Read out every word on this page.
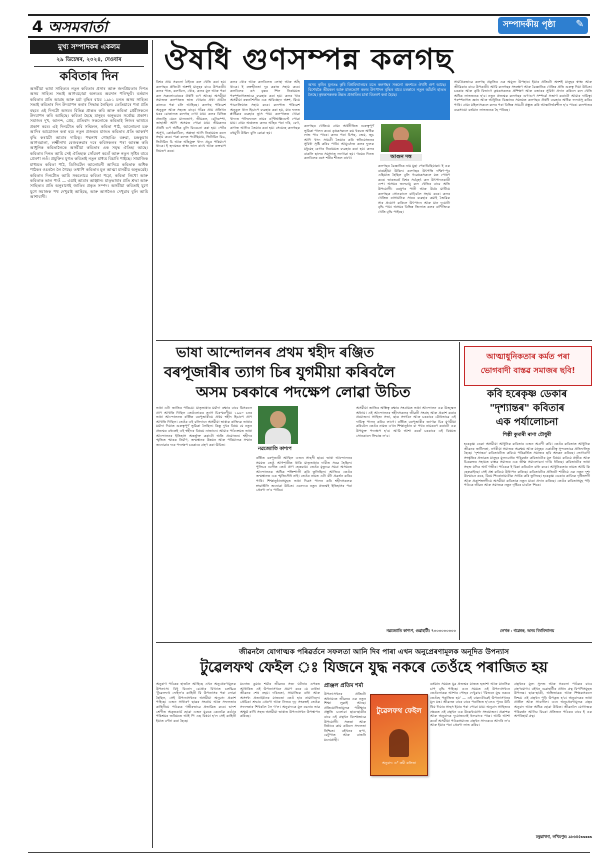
4 অসমবাৰ্তা	সম্পাদকীয় পৃষ্ঠা ✎
মুখ্য সম্পাদকৰ একলম
২৯ ডিচেম্বৰ, ২০২৪, দেওবাৰ
কবিতাৰ দিন
অসমীয়া ভাষা সাহিত্যৰ নতুন কবিতাৰ প্ৰসাৰ আৰু জনপ্ৰিয়তাৰ দিশত অসম সাহিত্য সভাই আগবঢ়োৱা অন্যতম অৱদান পৰিস্ফুট। বৰ্তমান কবিতাৰ প্ৰতি আগ্ৰহ আৰু চৰ্চা বৃদ্ধিৰ বাবে ১৯৮১ চনত অসম সাহিত্য সভাই কবিতাৰ দিন উদযাপন কৰাৰ সিদ্ধান্ত লৈছিল। তেতিয়াৰে পৰা প্ৰতি বছৰে এই দিনটো অসমৰ বিভিন্ন প্ৰান্তত কবি আৰু কবিতা প্ৰেমীসকলে উদযাপন কৰি আহিছে। কবিতা হৈছে মানুহৰ অনুভৱৰ সৰ্বোচ্চ প্ৰকাশ। সমাজৰ দুখ, আনন্দ, প্ৰেম, প্ৰতিবাদ সকলোকে কবিতাই নিজৰ ভাষাৰে প্ৰকাশ কৰে। এই দিনটোত কবি সন্মিলন, কবিতা পাঠ, আলোচনা চক্ৰ আদিৰ আয়োজন কৰা হয়। নতুন প্ৰজন্মৰ মাজত কবিতাৰ প্ৰতি আকৰ্ষণ বৃদ্ধি কৰাটো আমাৰ দায়িত্ব। পদ্মনাথ গোহাঞি বৰুৱা, চন্দ্ৰকুমাৰ আগৰৱালা, লক্ষ্মীনাথ বেজবৰুৱাৰ দৰে কবিসকলৰ পৰা আৰম্ভ কৰি আধুনিক কবিতালৈকে অসমীয়া কবিতাৰ এক সমৃদ্ধ ঐতিহ্য আছে। কবিতাৰ দিনত আমি সেই ঐতিহ্যক সোঁৱৰণ কৰোঁ আৰু নতুন সৃষ্টিৰ বাবে প্ৰেৰণা লওঁ। প্ৰযুক্তিৰ যুগত কবিতাই নতুন মাধ্যম বিচাৰি পাইছে। সামাজিক মাধ্যমত কবিতা পাঠ, ডিজিটেল আলোচনী আদিয়ে কবিতাক অধিক পাঠকৰ ওচৰলৈ লৈ গৈছে। তথাপি কবিতাৰ মূল আত্মা মানৱীয় অনুভৱেই। কবিতাৰ দিনটোত আমি সকলোৱে কবিতা পঢ়ো, কবিতা লিখো আৰু কবিতাক ভাল পাওঁ — এয়াই আমাৰ আহ্বান। মাতৃভাষাৰ প্ৰতি শ্ৰদ্ধা আৰু সাহিত্যৰ প্ৰতি অনুৰাগেই জাতিৰ প্ৰকৃত সম্পদ। অসমীয়া কবিতাই যুগে যুগে সমাজক পথ দেখুৱাই আহিছে, আৰু আগলৈও দেখুৱাব বুলি আমি আশাবাদী।
ঔষধি গুণসম্পন্ন কলগছ
বিশ্বৰ প্ৰায় সকলো ঠাইতে কল খেতি কৰা হয়। কলগছৰ প্ৰতিটো অংশই মানুহৰ বাবে উপকাৰী। কলৰ পাত, কলডিল, থোৰ, কলৰ মূল আৰু পকা কল সকলোবোৰৰে ঔষধি গুণ আছে। অসমীয়া সমাজত কলপাতত ভাত খোৱাৰ প্ৰথা প্ৰাচীন কালৰে পৰা চলি আহিছে। কলগছ পৰিৱেশ অনুকূল আৰু সহজে বাঢ়ে। গাঁৱৰ প্ৰায় প্ৰতিখন ঘৰৰ চোতালত কলগছ দেখা যায়। কলৰ বিভিন্ন প্ৰজাতি যেনে মালভোগ, ভীমকল, চেনিচম্পা, জাহাজী আদি অসমত পোৱা যায়। ভীমকলৰ ঔষধি গুণ অধিক বুলি বিবেচনা কৰা হয়। পেটৰ অসুখ, কোষ্ঠকাঠিন্য, অম্লতা আদি নিৰাময়ত কলে সহায় কৰে। পকা কলত পটেছিয়াম, ভিটামিন বি৬, ভিটামিন চি আৰু আঁহযুক্ত খাদ্য প্ৰচুৰ পৰিমাণে থাকে। ই হৃদযন্ত্ৰৰ স্বাস্থ্য ভাল ৰাখে আৰু ৰক্তচাপ নিয়ন্ত্ৰণ কৰে।
কলৰ থোৰ আৰু কলডিলত লোহা আৰু আঁহ থাকে। ই ৰক্তহীনতা দূৰ কৰাত সহায় কৰে। কলডিলৰ ৰস বৃক্কৰ শিল নিৰাময়ত পৰম্পৰাগতভাৱে ব্যৱহাৰ কৰা হয়। কলৰ খাৰ অসমীয়া ৰন্ধনশৈলীৰ এক অবিচ্ছেদ্য অংশ, যিয়ে পাচনক্ৰিয়াত সহায় কৰে। কলপাত পৰিৱেশ অনুকূল থাল হিচাপে ব্যৱহাৰ কৰা হয়, যাৰ ফলত প্লাষ্টিকৰ ব্যৱহাৰ হ্ৰাস পায়। কলপাতত খোৱা খাদ্যত পলিফেনল নামৰ এণ্টিঅক্সিডেণ্ট পোৱা যায়। গ্ৰাম্য অঞ্চলত কলৰ আঁহৰ পৰা দৰি, বেগ, কাগজ আদিও তৈয়াৰ কৰা হয়। সেয়েহে কলগছক বহুমুখী উদ্ভিদ বুলি কোৱা হয়।
অসম কৃষিৰ মূলতঃ কৃষি বিশ্ববিদ্যালয়ৰ মতে কলগছৰ সকলো অংশতে ঔষধি গুণ আছে। বিশেষকৈ ভীমকল আৰু মালভোগ কলৰ উৎপাদন বৃদ্ধিৰ বাবে চৰকাৰে নতুন আঁচনি হাতত লৈছে। কৃষকসকলক উন্নত প্ৰজাতিৰ চাৰা বিতৰণ কৰা হৈছে।
কলগছৰ খেতিয়ে গ্ৰাম্য অৰ্থনীতিত গুৰুত্বপূৰ্ণ ভূমিকা পালন কৰে। কৃষকসকলে কম খৰচত অধিক লাভ পাব পাৰে। কলৰ পৰা চিপছ, জেম, জুচ আদি খাদ্য সামগ্ৰী তৈয়াৰ কৰি স্বনিয়োজনৰ সুবিধা সৃষ্টি কৰিব পাৰি। আয়ুৰ্বেদত কলৰ ফুলক মধুমেহ ৰোগৰ নিৰাময়ত ব্যৱহাৰ কৰা হয়। কলৰ বাকলি ছালৰ সমস্যাত লগোৱা হয়। গৰমৰ দিনত কলডিলৰ ৰসে শৰীৰ শীতল ৰাখে।	আগুন দত্ত
কলগছৰ বৈজ্ঞানিক নাম মুছা পেৰাডিছিয়াকা। ই এক বাৰমহীয়া উদ্ভিদ। কলগছৰ উৎপত্তি দক্ষিণ-পূব এছিয়াত হৈছিল বুলি গৱেষকসকলে মত পোষণ কৰে। ভাৰতবৰ্ষ বিশ্বৰ সৰ্ববৃহৎ কল উৎপাদনকাৰী দেশ। অসমৰ জলবায়ু কল খেতিৰ বাবে অতি উপযোগী। বৰষুণৰ পানী আৰু উৰ্বৰ মাটিয়ে কলগছক সোনকালে বাঢ়িবলৈ সহায় কৰে। কলৰ খেতিত ৰাসায়নিক সাৰৰ ব্যৱহাৰ কমাই জৈৱিক সাৰ প্ৰয়োগ কৰিলে উৎপাদন আৰু মান দুয়োটা বৃদ্ধি পায়। অসমৰ বিভিন্ন জিলাত কলৰ বাণিজ্যিক খেতি বৃদ্ধি পাইছে।
সামগ্ৰিকভাৱে কলগছ প্ৰকৃতিৰ এক অমূল্য উপহাৰ। ইয়াৰ প্ৰতিটো অংশই মানুহৰ স্বাস্থ্য আৰু জীৱিকাৰ বাবে উপকাৰী। আমি কলগছৰ সংৰক্ষণ আৰু বৈজ্ঞানিক খেতিৰ প্ৰতি গুৰুত্ব দিয়া উচিত। চৰকাৰ আৰু কৃষি বিভাগে কৃষকসকলক প্ৰশিক্ষণ আৰু বজাৰৰ সুবিধা প্ৰদান কৰিলে কল খেতি অধিক লাভজনক হ'ব। নতুন প্ৰজন্মক কলগছৰ গুণাগুণ সম্পৰ্কে সজাগ কৰাটো আমাৰ দায়িত্ব। পৰম্পৰাগত জ্ঞান আৰু আধুনিক বিজ্ঞানৰ সমন্বয়ত কলগছৰ ঔষধি ব্যৱহাৰ অধিক ফলপ্ৰসূ কৰিব পাৰি। গ্ৰাম্য মহিলাসকলে কলৰ পৰা বিভিন্ন সামগ্ৰী প্ৰস্তুত কৰি আত্মনিৰ্ভৰশীল হ'ব পাৰে। কলপাতৰ ব্যৱসায়ো বৰ্তমান লাভজনক হৈ পৰিছে।
ভাষা আন্দোলনৰ প্ৰথম শ্বহীদ ৰঞ্জিত
বৰপূজাৰীৰ ত্যাগ চিৰ যুগমীয়া কৰিবলৈ
অসম চৰকাৰে পদক্ষেপ লোৱা উচিত
ভাষা এটা জাতিৰ পৰিচয়। মাতৃভাষাৰ মৰ্যাদা ৰক্ষাৰ বাবে যিসকলে প্ৰাণ আহুতি দিছিল তেওঁলোকৰ ত্যাগ চিৰস্মৰণীয়। ১৯৬০ চনৰ ভাষা আন্দোলনত ৰঞ্জিত বৰপূজাৰীয়ে প্ৰথম শ্বহীদ হিচাপে প্ৰাণ আহুতি দিছিল। তেওঁৰ এই বলিদানে অসমীয়া ভাষাক ৰাজ্যিক ভাষাৰ মৰ্যাদা দিয়াত গুৰুত্বপূৰ্ণ ভূমিকা লৈছিল। কিন্তু দুখৰ বিষয় যে নতুন প্ৰজন্মৰ বহুতেই এই শ্বহীদৰ বিষয়ে নাজানে। আমাৰ পাঠ্যক্ৰমত ভাষা আন্দোলনৰ ইতিহাস অন্তৰ্ভুক্ত কৰাটো অতি প্ৰয়োজন। শ্বহীদৰ স্মৃতিত স্মাৰক নিৰ্মাণ, জন্মস্থানৰ উন্নয়ন আৰু পৰিয়ালক সন্মান জনোৱাৰ দৰে পদক্ষেপ চৰকাৰে গ্ৰহণ কৰা উচিত।
নৱজ্যোতি কাশ্যপ
ৰঞ্জিত বৰপূজাৰী আছিল এজন সাহসী ছাত্ৰ। ভাষা আন্দোলনৰ সময়ত তেওঁ আগশাৰীত থাকি মাতৃভাষাৰ দাবীত সৰৱ হৈছিল। পুলিচৰ গুলীত তেওঁ প্ৰাণ হেৰুৱায়। তেওঁৰ মৃত্যুৱে সমগ্ৰ অসমতে আন্দোলনক অধিক শক্তিশালী কৰি তুলিছিল। আজিও তেওঁৰ জন্মস্থানত এক স্মৃতিসৌধ নাই। তেওঁৰ নামত এটা বঁটা প্ৰৱৰ্তন কৰিব পাৰি। শিক্ষানুষ্ঠানসমূহত ভাষা দিৱস পালন কৰি শ্বহীদসকলক শ্ৰদ্ধাঞ্জলি জনোৱা উচিত। এনেদৰে নতুন প্ৰজন্মই ইতিহাসৰ পৰা প্ৰেৰণা ল'ব পাৰিব।
অসমীয়া জাতিৰ অস্তিত্ব ৰক্ষাৰ সংগ্ৰামত ভাষা আন্দোলন এক উজ্জ্বল অধ্যায়। এই আন্দোলনৰ শ্বহীদসকলৰ জীৱনী সংগ্ৰহ আৰু প্ৰকাশ কৰাৰ প্ৰয়োজন। সাহিত্য সভা, ছাত্ৰ সংগঠন আৰু চৰকাৰে যৌথভাৱে এই দায়িত্ব পালন কৰিব লাগে। ৰঞ্জিত বৰপূজাৰীৰ ত্যাগক চিৰ যুগমীয়া কৰিবলৈ তেওঁৰ নামত এখন শিক্ষানুষ্ঠান বা পথৰ নামকৰণ কৰাটো এক উপযুক্ত পদক্ষেপ হ'ব। আমি আশা কৰোঁ চৰকাৰে এই বিষয়ত সোনকালে সিদ্ধান্ত ল'ব।
নৱজ্যোতি কাশ্যপ, গুৱাহাটী। ৭০০০০০০০০০
আত্মাধুনিকতাৰ কৰ্মত পৰা
ভোগবাদী বাস্তৱ সমাজৰ ছবি!
কবি হৰেকৃষ্ণ ডেকাৰ
"দৃশ্যান্তৰ" কবিতাৰ
এক পৰ্যালোচনা
শিল্পী কুমাৰী ৰাণা চৌধুৰী
হৰেকৃষ্ণ ডেকা অসমীয়া আধুনিক কবিতাৰ এজন অগ্ৰণী কবি। তেওঁৰ কবিতাত আধুনিক জীৱনৰ জটিলতা, নগৰীয়া সমাজৰ অৱক্ষয় আৰু মানুহৰ একাকীত্ব সুন্দৰভাৱে প্ৰতিফলিত হৈছে। 'দৃশ্যান্তৰ' কবিতাটোত কবিয়ে পৰিৱৰ্তিত সমাজৰ ছবি অংকন কৰিছে। ভোগবাদী সংস্কৃতিৰ প্ৰভাৱত মানুহৰ মূল্যবোধৰ পৰিৱৰ্তন কবিতাটোৰ মূল বিষয়। কবিয়ে প্ৰতীক আৰু চিত্ৰকল্পৰ সহায়ত বাস্তৱ সমাজৰ এক তীক্ষ্ণ সমালোচনা দাঙি ধৰিছে। কবিতাটোৰ ভাষা সহজ যদিও অৰ্থ গভীৰ। পাঠকক ই চিন্তা কৰিবলৈ বাধ্য কৰে। আধুনিকতাৰ নামত আমি কি হেৰুৱাইছো সেই প্ৰশ্ন কবিয়ে উত্থাপন কৰিছে। কবিতাটোৰ প্ৰতিটো শাৰীয়ে এক নতুন দৃশ্য উন্মোচন কৰে, যিয়ে শিৰোনামটোক সাৰ্থক কৰি তুলিছে। হৰেকৃষ্ণ ডেকাৰ কাব্যিক দৃষ্টিভংগী আৰু প্ৰকাশভংগীয়ে অসমীয়া কবিতাক নতুন মাত্ৰা প্ৰদান কৰিছে। তেওঁৰ কবিতাসমূহ পঢ়ি পাঠকে জীৱন আৰু সমাজক নতুন দৃষ্টিৰে চাবলৈ শিকে।
লেখক : গৱেষক, অসম বিশ্ববিদ্যালয়
জীৱনলৈ যোগাত্মক পৰিৱৰ্তনে সফলতা আনি দিব পাৰা এখন অনুপ্ৰেৰণামূলক অনূদিত উপন্যাস
টুৱেলফথ ফেইল ঃ যিজনে যুদ্ধ নকৰে তেওঁহে পৰাজিত হয়
অনুৰাগ পাঠকৰ হাতলৈ আহিছে এখন অনুপ্ৰেৰণামূলক উপন্যাস। বিধু বিনোদ চোপ্ৰাৰ বিখ্যাত চলচ্চিত্ৰ 'টুৱেলফথ ফেইল'ৰ কাহিনী যি উপন্যাসৰ পৰা লোৱা হৈছিল, সেই উপন্যাসখনৰ অসমীয়া অনুবাদ প্ৰকাশ পাইছে। এজন সাধাৰণ ছাত্ৰৰ সংগ্ৰাম আৰু সফলতাৰ কাহিনীয়ে পাঠকক গভীৰভাৱে প্ৰভাৱিত কৰে। দ্বাদশ শ্ৰেণীত অকৃতকাৰ্য হোৱা এজন যুৱকে কেনেকৈ কঠোৰ পৰিশ্ৰমৰ জৰিয়তে আই পি এছ বিষয়া হ'ল সেই কাহিনী ইয়াত বৰ্ণনা কৰা হৈছে।
মনোজ কুমাৰ শৰ্মাৰ জীৱনৰ সত্য ঘটনাৰ ওপৰত আধাৰিত এই উপন্যাসখনে প্ৰমাণ কৰে যে ব্যৰ্থতা জীৱনৰ শেষ নহয়। দৰিদ্ৰতা, সামাজিক বাধা আৰু অসংখ্য প্ৰত্যাহ্বানৰ মাজতো তেওঁ হাৰ নামানিলে। প্ৰেমিকা শ্ৰদ্ধাৰ প্ৰেৰণা আৰু নিজৰ দৃঢ় সংকল্পই তেওঁক সফলতাৰ শিখৰলৈ লৈ গ'ল। অনুবাদকে মূল ৰচনাৰ ভাৱ অক্ষুণ্ণ ৰাখি সহজ অসমীয়া ভাষাত উপন্যাসখন উপস্থাপন কৰিছে।
প্ৰাঞ্জল প্ৰতিম শৰ্মা
উপন্যাসখনৰ প্ৰতিটো অধ্যায়তে জীৱনৰ এক নতুন শিক্ষা লুকাই আছে। প্ৰতিযোগিতামূলক পৰীক্ষাৰ প্ৰস্তুতি চলোৱা ছাত্ৰ-ছাত্ৰীৰ বাবে এই গ্ৰন্থখন বিশেষভাৱে উপযোগী। সততা আৰু নিষ্ঠাৰে কাম কৰিলে সফলতা নিশ্চিত। বইখনৰ ছপা, বেটুপাত আৰু বান্ধনি মনোগ্ৰাহী।
টুৱেলফথ ফেইল
অনুবাদ: ড° ৰুমী কলিতা
বৰ্তমান সময়ত যুৱ প্ৰজন্মৰ মাজত হতাশা আৰু মানসিক চাপ বৃদ্ধি পাইছে। এনে সময়ত এই উপন্যাসখনে তেওঁলোকক আশাৰ পোহৰ দেখুৱাব। 'যিজনে যুদ্ধ নকৰে তেওঁহে পৰাজিত হয়' — এই বাক্যটোৱেই উপন্যাসখনৰ মূল মন্ত্ৰ। জীৱনত বাৰে বাৰে পৰাজিত হ'লেও পুনৰ উঠি থিয় দিয়াৰ সাহস ইয়াৰ পৰা পোৱা যায়। অনুবাদ সাহিত্যৰ ক্ষেত্ৰত এই গ্ৰন্থখন এক উল্লেখযোগ্য সংযোজন। প্ৰকাশক আৰু অনুবাদক দুয়োজনেই ধন্যবাদৰ পাত্ৰ। আমি আশা কৰোঁ অসমীয়া পাঠকসমাজে গ্ৰন্থখন সাদৰেৰে আদৰি ল'ব আৰু ইয়াৰ পৰা প্ৰেৰণা লাভ কৰিব।
গ্ৰন্থখনৰ মূল্য সুলভ আৰু সকলো পাঠকৰ বাবে গ্ৰহণযোগ্য। বইখন গুৱাহাটীৰ প্ৰধান গ্ৰন্থ বিপণিসমূহত উপলব্ধ। ছাত্ৰ-ছাত্ৰী, অভিভাৱক আৰু শিক্ষকসকলে নিশ্চয় এই গ্ৰন্থখন পঢ়ি উপকৃত হ'ব। অনুবাদকৰ ভাষা প্ৰাঞ্জল আৰু সাবলীল। এনে অনুপ্ৰেৰণামূলক গ্ৰন্থৰ অনুবাদ আৰু অধিক হোৱা উচিত। জীৱনলৈ যোগাত্মক পৰিৱৰ্তন আনিব বিচৰা প্ৰতিজন পাঠকৰ বাবে ই এক অপৰিহাৰ্য গ্ৰন্থ।
ঢকুৱাখনা, লখিমপুৰ। ৯৮৬৪৫xxxxx
